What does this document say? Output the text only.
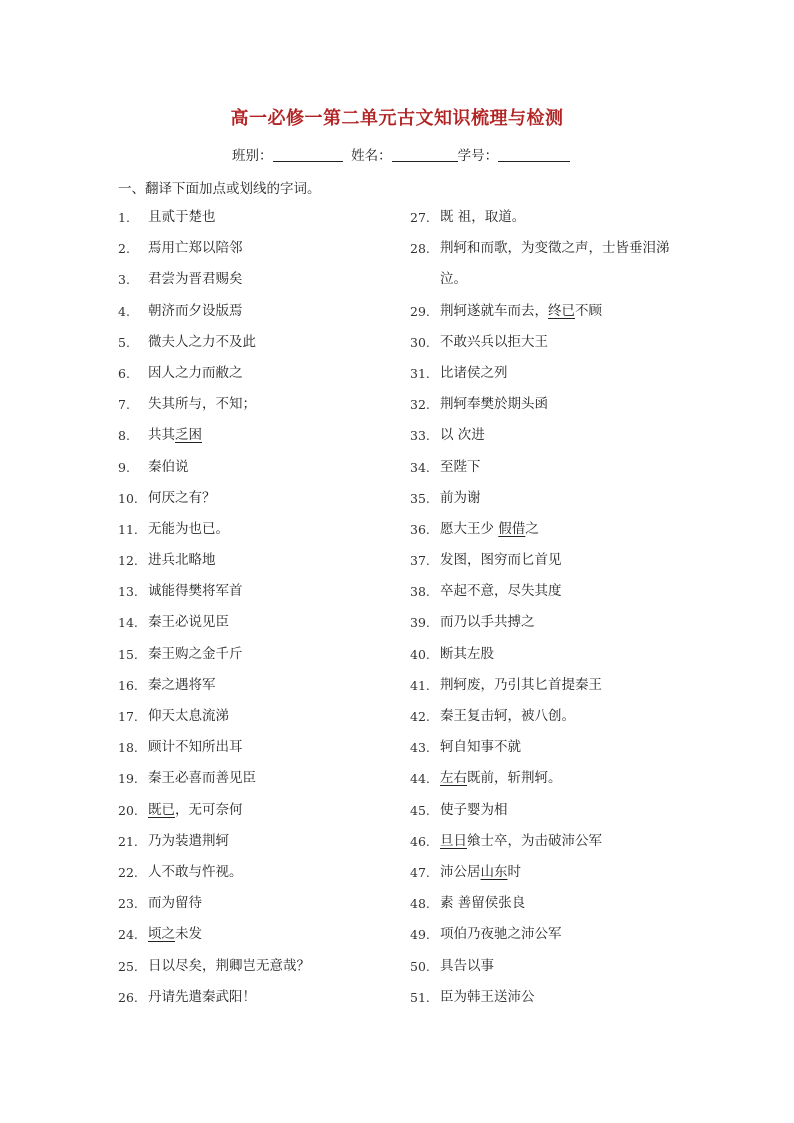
高一必修一第二单元古文知识梳理与检测
班别：	姓名：	学号：
一、翻译下面加点或划线的字词。
1.	且贰于楚也
2.	焉用亡郑以陪邻
3.	君尝为晋君赐矣
4.	朝济而夕设版焉
5.	微夫人之力不及此
6.	因人之力而敝之
7.	失其所与，不知；
8.	共其乏困
9.	秦伯说
10. 何厌之有？
11. 无能为也已。
12. 进兵北略地
13. 诚能得樊将军首
14. 秦王必说见臣
15. 秦王购之金千斤
16. 秦之遇将军
17. 仰天太息流涕
18. 顾计不知所出耳
19. 秦王必喜而善见臣
20. 既已，无可奈何
21. 乃为装遣荆轲
22. 人不敢与忤视。
23. 而为留待
24. 顷之未发
25. 日以尽矣，荆卿岂无意哉？
26. 丹请先遣秦武阳！
27. 既 祖，取道。
28. 荆轲和而歌，为变徵之声，士皆垂泪涕
泣。
29. 荆轲遂就车而去，终已不顾
30. 不敢兴兵以拒大王
31. 比诸侯之列
32. 荆轲奉樊於期头函
33. 以 次进
34. 至陛下
35. 前为谢
36. 愿大王少 假借之
37. 发图，图穷而匕首见
38. 卒起不意，尽失其度
39. 而乃以手共搏之
40. 断其左股
41. 荆轲废，乃引其匕首提秦王
42. 秦王复击轲，被八创。
43. 轲自知事不就
44. 左右既前，斩荆轲。
45. 使子婴为相
46. 旦日飨士卒，为击破沛公军
47. 沛公居山东时
48. 素 善留侯张良
49. 项伯乃夜驰之沛公军
50. 具告以事
51. 臣为韩王送沛公
